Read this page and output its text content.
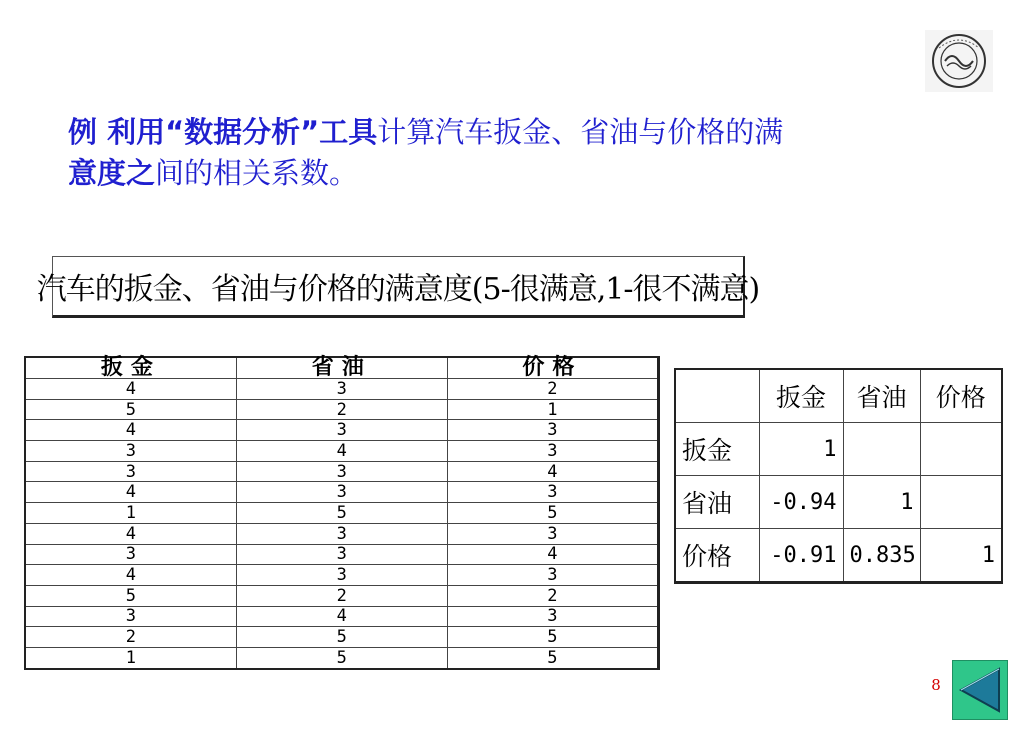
例 利用“数据分析”工具计算汽车扳金、省油与价格的满
意度之间的相关系数。
汽车的扳金、省油与价格的满意度(5-很满意,1-很不满意)
扳金	省油	价格
4	3	2
5	2	1
4	3	3
3	4	3
3	3	4
4	3	3
1	5	5
4	3	3
3	3	4
4	3	3
5	2	2
3	4	3
2	5	5
1	5	5
	扳金	省油	价格
扳金	1		
省油	-0.94	1	
价格	-0.91	0.835	1
8
